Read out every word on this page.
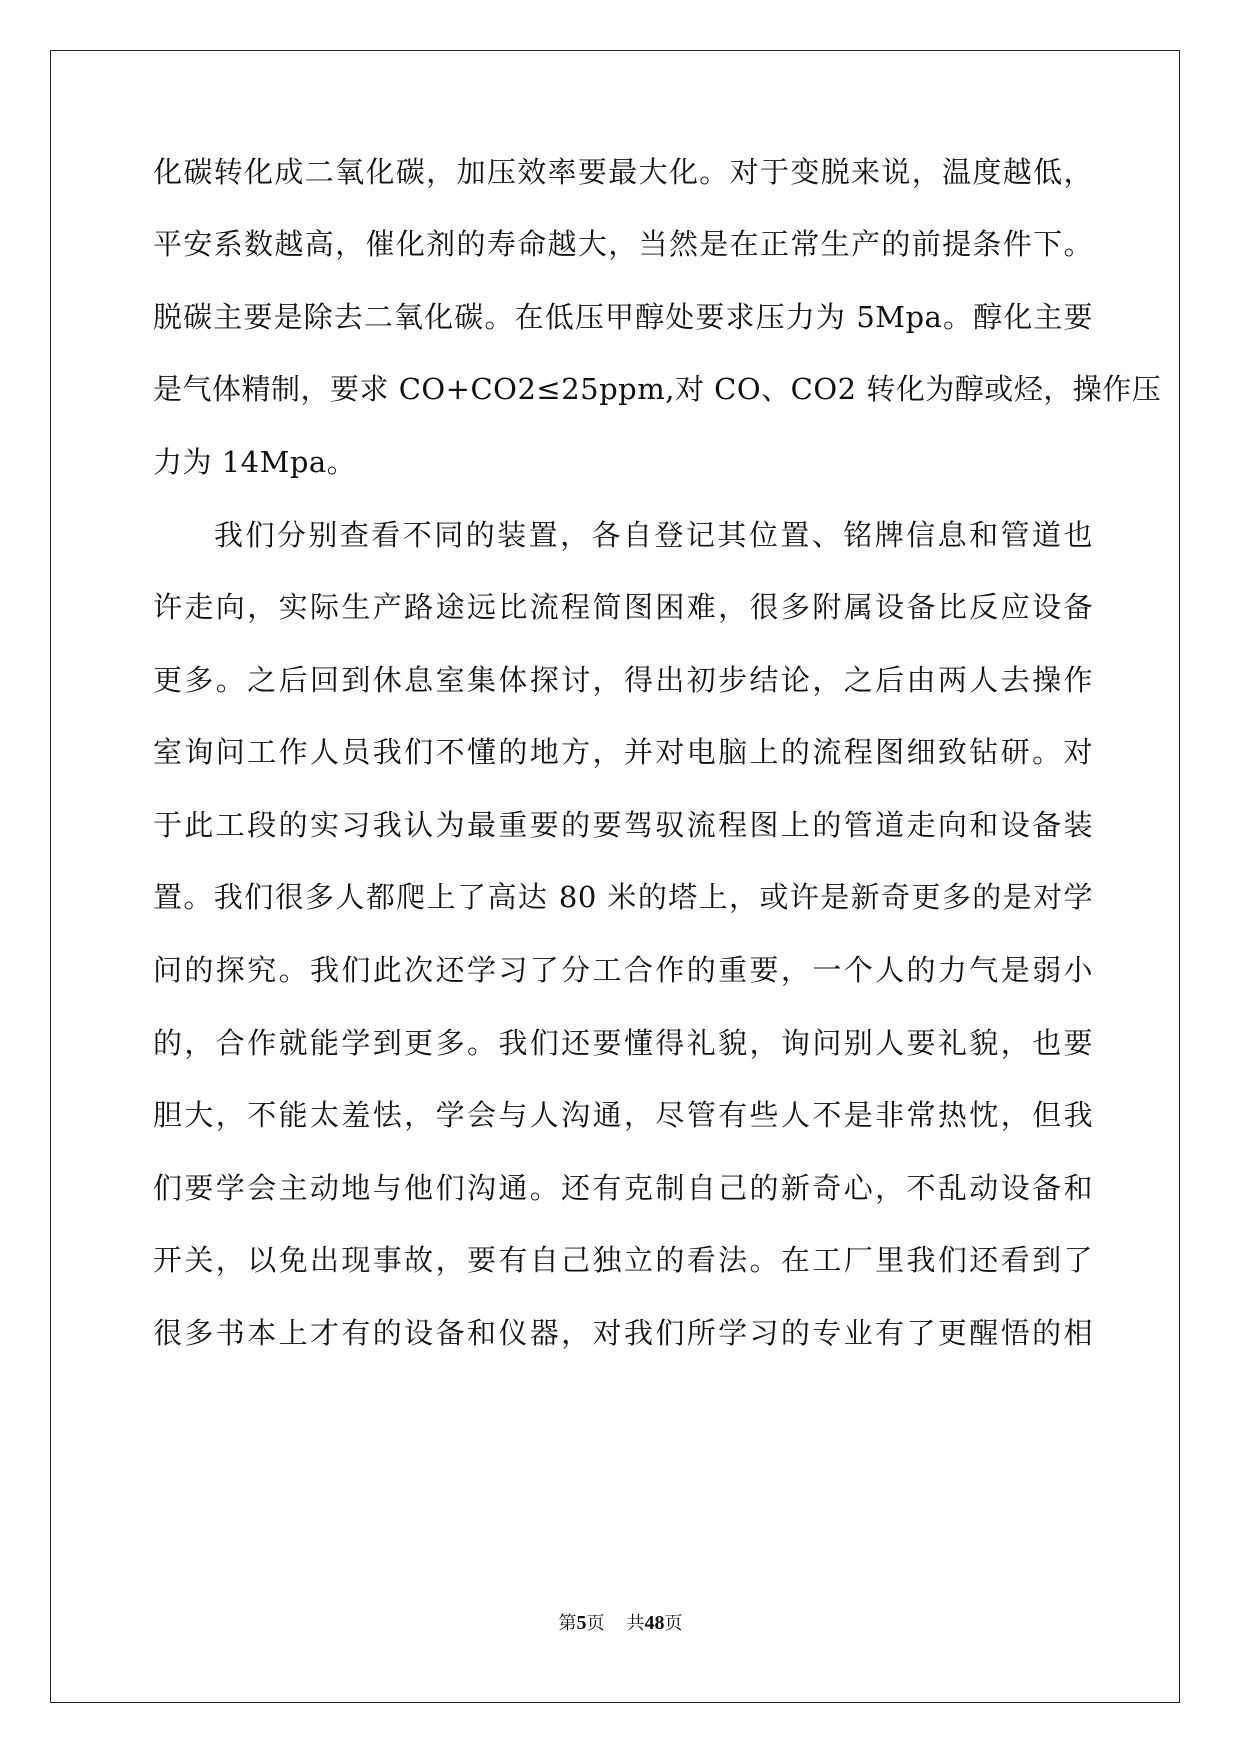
化碳转化成二氧化碳，加压效率要最大化。对于变脱来说，温度越低，
平安系数越高，催化剂的寿命越大，当然是在正常生产的前提条件下。
脱碳主要是除去二氧化碳。在低压甲醇处要求压力为 5Mpa。醇化主要
是气体精制，要求 CO+CO2≤25ppm,对 CO、CO2 转化为醇或烃，操作压
力为 14Mpa。
我们分别查看不同的装置，各自登记其位置、铭牌信息和管道也
许走向，实际生产路途远比流程简图困难，很多附属设备比反应设备
更多。之后回到休息室集体探讨，得出初步结论，之后由两人去操作
室询问工作人员我们不懂的地方，并对电脑上的流程图细致钻研。对
于此工段的实习我认为最重要的要驾驭流程图上的管道走向和设备装
置。我们很多人都爬上了高达 80 米的塔上，或许是新奇更多的是对学
问的探究。我们此次还学习了分工合作的重要，一个人的力气是弱小
的，合作就能学到更多。我们还要懂得礼貌，询问别人要礼貌，也要
胆大，不能太羞怯，学会与人沟通，尽管有些人不是非常热忱，但我
们要学会主动地与他们沟通。还有克制自己的新奇心，不乱动设备和
开关，以免出现事故，要有自己独立的看法。在工厂里我们还看到了
很多书本上才有的设备和仪器，对我们所学习的专业有了更醒悟的相
第5页 共48页
